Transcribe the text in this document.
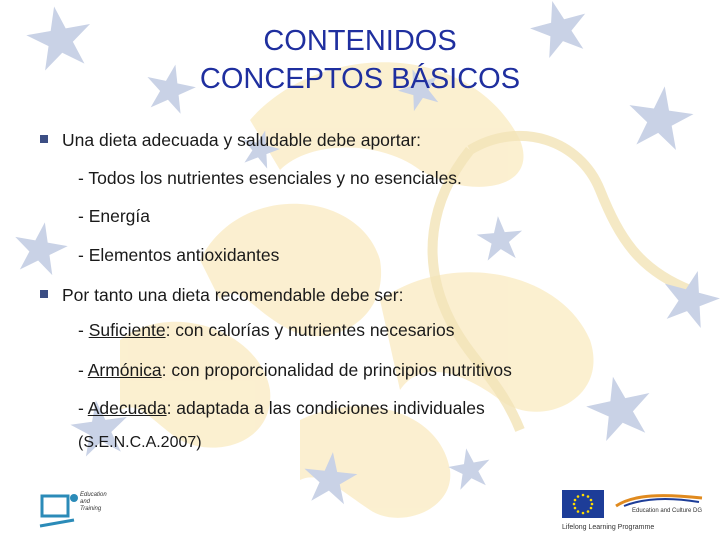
CONTENIDOS
CONCEPTOS BÁSICOS
Una dieta adecuada y saludable debe aportar:
- Todos los nutrientes esenciales y no esenciales.
- Energía
- Elementos antioxidantes
Por tanto una dieta recomendable debe ser:
- Suficiente: con calorías y nutrientes necesarios
- Armónica: con proporcionalidad de principios nutritivos
- Adecuada: adaptada a las condiciones individuales
(S.E.N.C.A.2007)
Education
and
Training	Education and Culture DG
Lifelong Learning Programme
